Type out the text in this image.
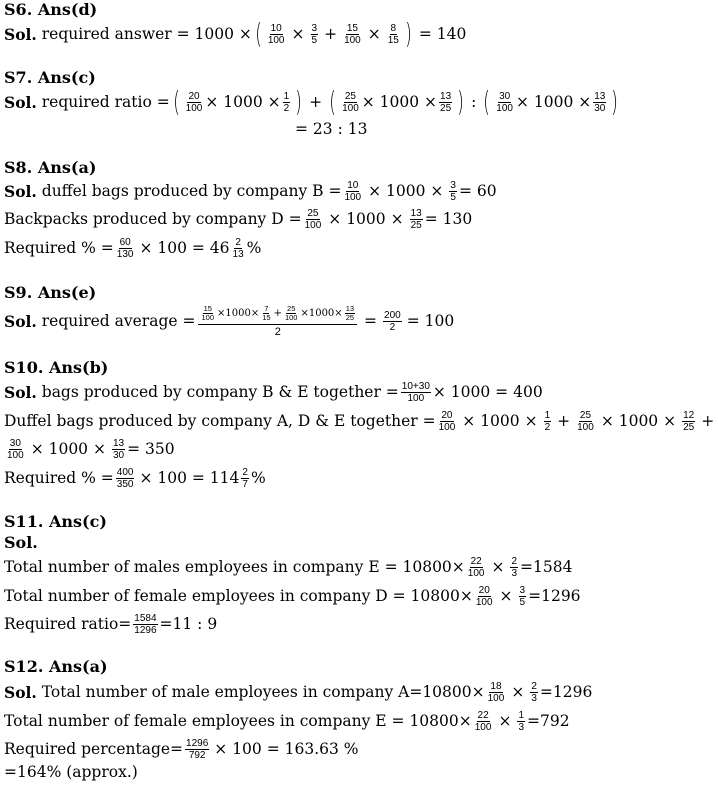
S6. Ans(d)
Sol.
required answer = 1000 × ( $\frac{10}{100} \times \frac{3}{5} + \frac{15}{100} \times \frac{8}{15}$ ) = 140
S7. Ans(c)
Sol.
required ratio = ( $\frac{20}{100} \times 1000 \times \frac{1}{2}$ ) + ( $\frac{25}{100} \times 1000 \times \frac{13}{25}$ ) : ( $\frac{30}{100} \times 1000 \times \frac{13}{30}$ )
= 23 : 13
S8. Ans(a)
Sol.
duffel bags produced by company $B = \frac{10}{100} \times 1000 \times \frac{3}{5} = 60$
Backpacks produced by company $D = \frac{25}{100} \times 1000 \times \frac{13}{25} = 130$
Required % = $\frac{60}{130} \times 100 = 46$ 2
13 %
S9. Ans(e)
Sol.
required average = 15
100 ×1000× 7
15 + 25
100 ×1000× 13
25
$2 = \frac{200}{2} = 100$
S10. Ans(b)
Sol.
bags produced by company B & E together = $\frac{10+30}{100} \times 1000 = 400$
Duffel bags produced by company A, D & E together = $\frac{20}{100} \times 1000 \times \frac{1}{2} + \frac{25}{100} \times 1000 \times \frac{12}{25}$ +
$\frac{30}{100} \times 1000 \times \frac{13}{30} = 350$
Required % = $\frac{400}{350} \times 100 = 114$ 2
7 %
S11. Ans(c)
Sol.
Total number of males employees in company $E = 10800\times \frac{22}{100} \times \frac{2}{3} =1584$
Total number of female employees in company $D = 10800\times \frac{20}{100} \times \frac{3}{5} =1296$
Required ratio= $\frac{1584}{1296} =11$ : 9
S12. Ans(a)
Sol.
Total number of male employees in company $A=10800\times \frac{18}{100} \times \frac{2}{3} =1296$
Total number of female employees in company $E = 10800\times \frac{22}{100} \times \frac{1}{3} =792$
Required percentage= $\frac{1296}{792} \times 100 = 163.63$ %
=164% (approx.)
